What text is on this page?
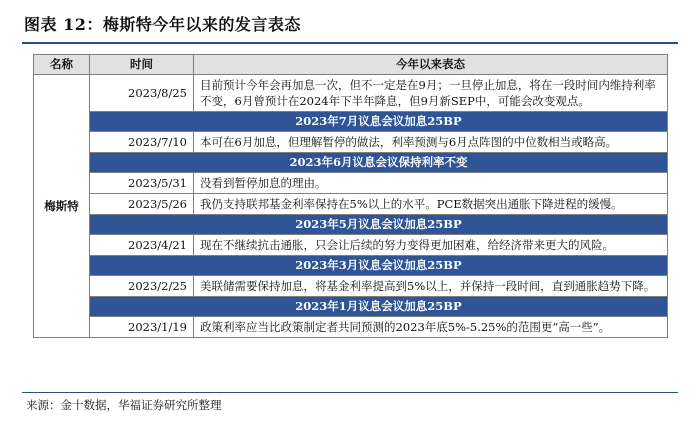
图表 12：梅斯特今年以来的发言表态
名称	时间	今年以来表态
梅斯特	2023/8/25	目前预计今年会再加息一次，但不一定是在9月；一旦停止加息，将在一段时间内维持利率不变，6月曾预计在2024年下半年降息，但9月新SEP中，可能会改变观点。
	2023年7月议息会议加息25BP	
	2023/7/10	本可在6月加息，但理解暂停的做法，利率预测与6月点阵图的中位数相当或略高。
	2023年6月议息会议保持利率不变	
	2023/5/31	没看到暂停加息的理由。
	2023/5/26	我仍支持联邦基金利率保持在5%以上的水平。PCE数据突出通胀下降进程的缓慢。
	2023年5月议息会议加息25BP	
	2023/4/21	现在不继续抗击通胀，只会让后续的努力变得更加困难，给经济带来更大的风险。
	2023年3月议息会议加息25BP	
	2023/2/25	美联储需要保持加息，将基金利率提高到5%以上，并保持一段时间，直到通胀趋势下降。
	2023年1月议息会议加息25BP	
	2023/1/19	政策利率应当比政策制定者共同预测的2023年底5%-5.25%的范围更“高一些”。
来源：金十数据，华福证券研究所整理
